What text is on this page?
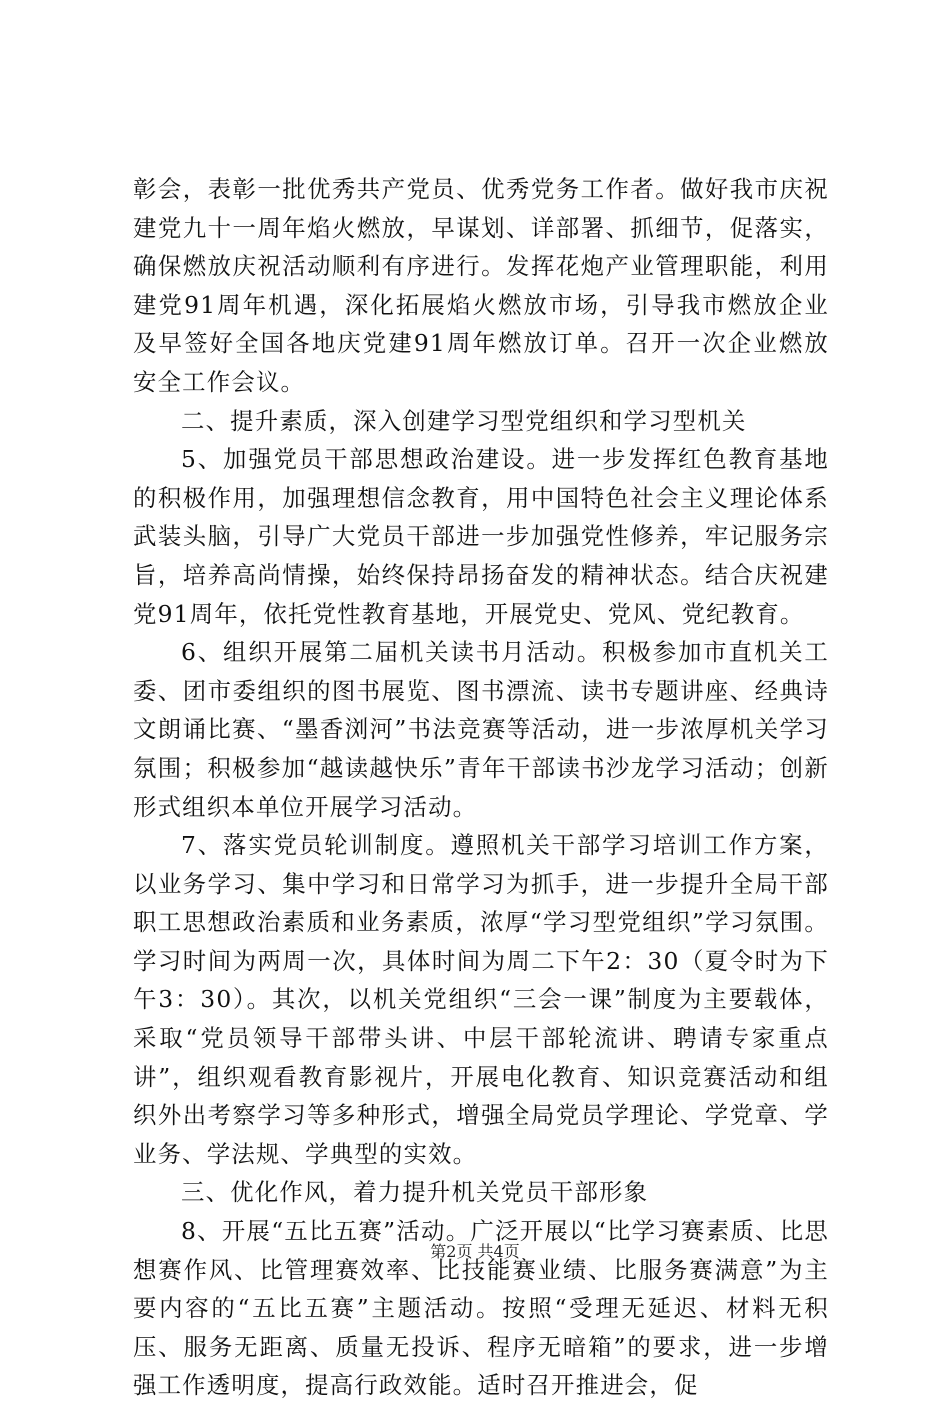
彰会，表彰一批优秀共产党员、优秀党务工作者。做好我市庆祝建党九十一周年焰火燃放，早谋划、详部署、抓细节，促落实，确保燃放庆祝活动顺利有序进行。发挥花炮产业管理职能，利用建党91周年机遇，深化拓展焰火燃放市场，引导我市燃放企业及早签好全国各地庆党建91周年燃放订单。召开一次企业燃放安全工作会议。

二、提升素质，深入创建学习型党组织和学习型机关

5、加强党员干部思想政治建设。进一步发挥红色教育基地的积极作用，加强理想信念教育，用中国特色社会主义理论体系武装头脑，引导广大党员干部进一步加强党性修养，牢记服务宗旨，培养高尚情操，始终保持昂扬奋发的精神状态。结合庆祝建党91周年，依托党性教育基地，开展党史、党风、党纪教育。

6、组织开展第二届机关读书月活动。积极参加市直机关工委、团市委组织的图书展览、图书漂流、读书专题讲座、经典诗文朗诵比赛、“墨香浏河”书法竞赛等活动，进一步浓厚机关学习氛围；积极参加“越读越快乐”青年干部读书沙龙学习活动；创新形式组织本单位开展学习活动。

7、落实党员轮训制度。遵照机关干部学习培训工作方案，以业务学习、集中学习和日常学习为抓手，进一步提升全局干部职工思想政治素质和业务素质，浓厚“学习型党组织”学习氛围。学习时间为两周一次，具体时间为周二下午2：30（夏令时为下午3：30）。其次，以机关党组织“三会一课”制度为主要载体，采取“党员领导干部带头讲、中层干部轮流讲、聘请专家重点讲”，组织观看教育影视片，开展电化教育、知识竞赛活动和组织外出考察学习等多种形式，增强全局党员学理论、学党章、学业务、学法规、学典型的实效。

三、优化作风，着力提升机关党员干部形象

8、开展“五比五赛”活动。广泛开展以“比学习赛素质、比思想赛作风、比管理赛效率、比技能赛业绩、比服务赛满意”为主要内容的“五比五赛”主题活动。按照“受理无延迟、材料无积压、服务无距离、质量无投诉、程序无暗箱”的要求，进一步增强工作透明度，提高行政效能。适时召开推进会，促

第2页 共4页
